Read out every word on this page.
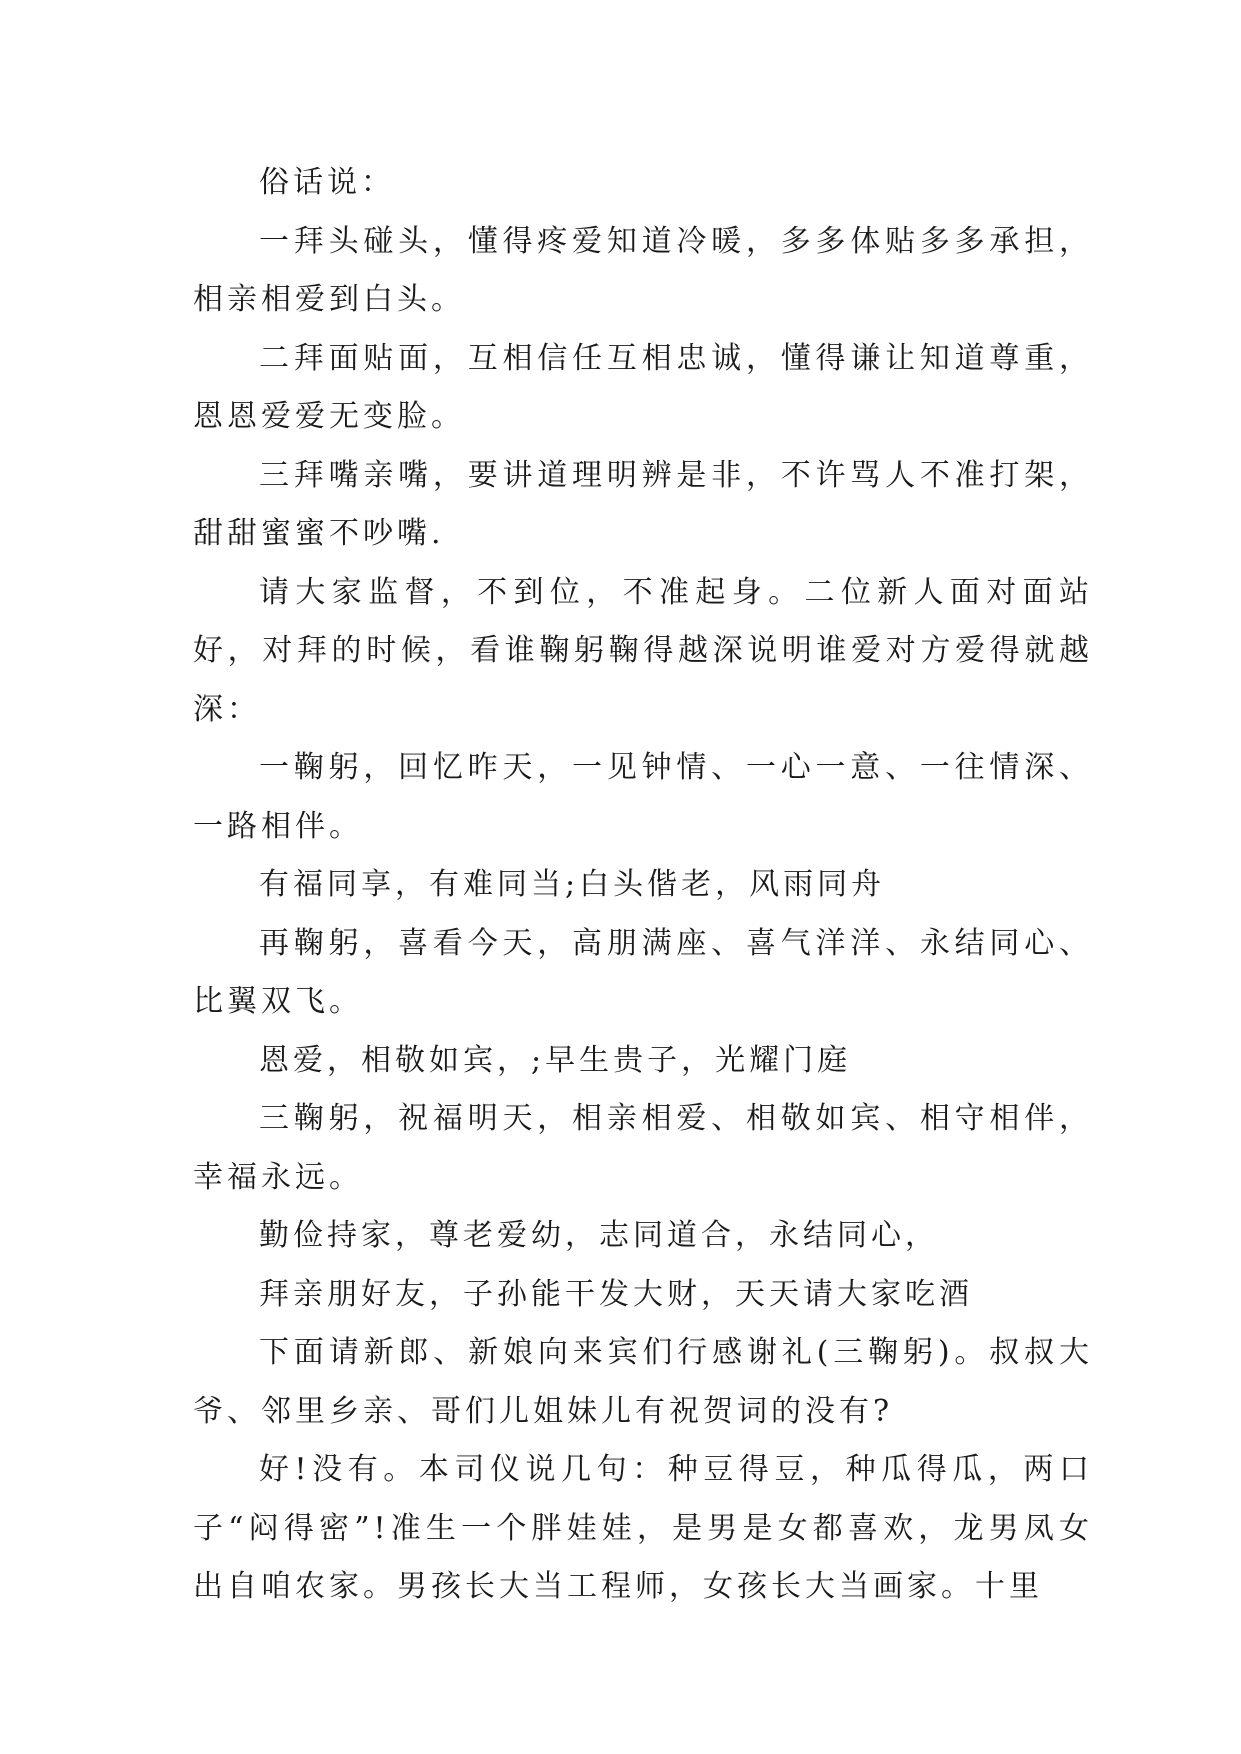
俗话说：

一拜头碰头，懂得疼爱知道冷暖，多多体贴多多承担，相亲相爱到白头。

二拜面贴面，互相信任互相忠诚，懂得谦让知道尊重，恩恩爱爱无变脸。

三拜嘴亲嘴，要讲道理明辨是非，不许骂人不准打架，甜甜蜜蜜不吵嘴.

请大家监督，不到位，不准起身。二位新人面对面站好，对拜的时候，看谁鞠躬鞠得越深说明谁爱对方爱得就越深：

一鞠躬，回忆昨天，一见钟情、一心一意、一往情深、一路相伴。

有福同享，有难同当;白头偕老，风雨同舟

再鞠躬，喜看今天，高朋满座、喜气洋洋、永结同心、比翼双飞。

恩爱，相敬如宾，;早生贵子，光耀门庭

三鞠躬，祝福明天，相亲相爱、相敬如宾、相守相伴，幸福永远。

勤俭持家，尊老爱幼，志同道合，永结同心，

拜亲朋好友，子孙能干发大财，天天请大家吃酒

下面请新郎、新娘向来宾们行感谢礼(三鞠躬)。叔叔大爷、邻里乡亲、哥们儿姐妹儿有祝贺词的没有?

好!没有。本司仪说几句：种豆得豆，种瓜得瓜，两口子“闷得密”!准生一个胖娃娃，是男是女都喜欢，龙男凤女出自咱农家。男孩长大当工程师，女孩长大当画家。十里
